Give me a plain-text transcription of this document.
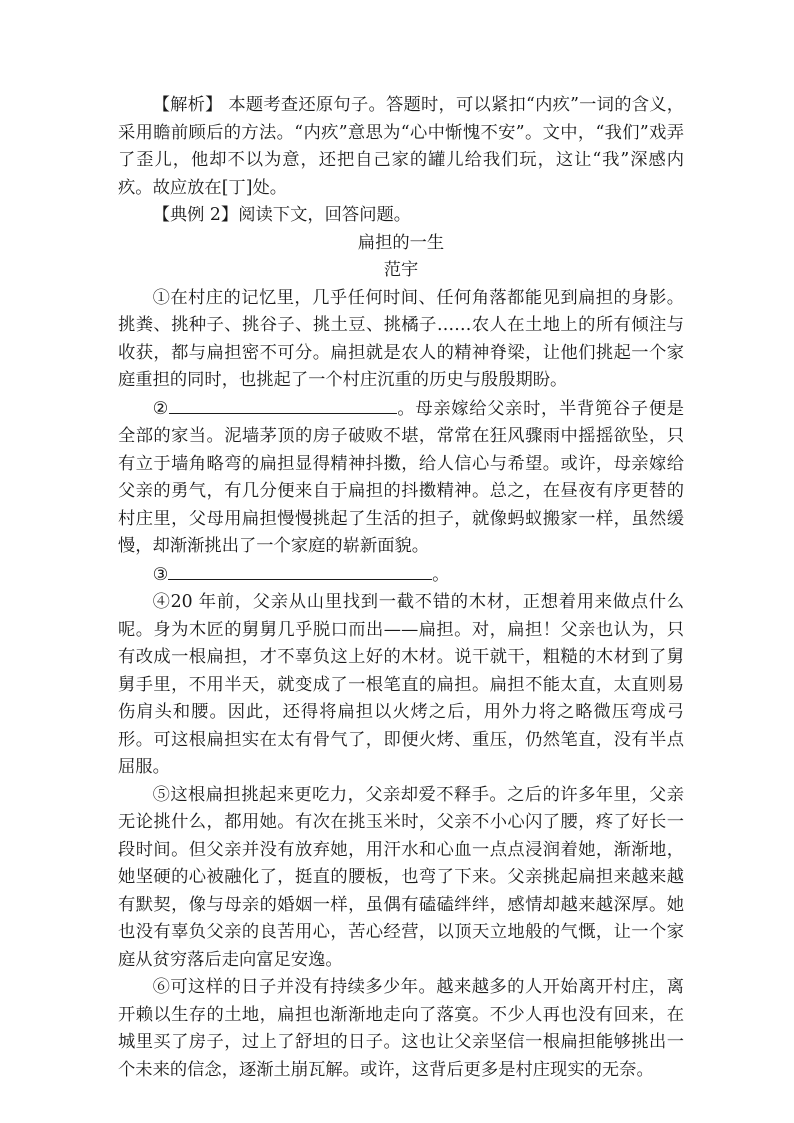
【解析】 本题考查还原句子。答题时，可以紧扣“内疚”一词的含义，采用瞻前顾后的方法。“内疚”意思为“心中惭愧不安”。文中，“我们”戏弄了歪儿，他却不以为意，还把自己家的罐儿给我们玩，这让“我”深感内疚。故应放在[丁]处。

【典例 2】阅读下文，回答问题。

扁担的一生

范宇

①在村庄的记忆里，几乎任何时间、任何角落都能见到扁担的身影。挑粪、挑种子、挑谷子、挑土豆、挑橘子……农人在土地上的所有倾注与收获，都与扁担密不可分。扁担就是农人的精神脊梁，让他们挑起一个家庭重担的同时，也挑起了一个村庄沉重的历史与殷殷期盼。

②	。母亲嫁给父亲时，半背篼谷子便是全部的家当。泥墙茅顶的房子破败不堪，常常在狂风骤雨中摇摇欲坠，只有立于墙角略弯的扁担显得精神抖擞，给人信心与希望。或许，母亲嫁给父亲的勇气，有几分便来自于扁担的抖擞精神。总之，在昼夜有序更替的村庄里，父母用扁担慢慢挑起了生活的担子，就像蚂蚁搬家一样，虽然缓慢，却渐渐挑出了一个家庭的崭新面貌。

③	。

④20 年前，父亲从山里找到一截不错的木材，正想着用来做点什么呢。身为木匠的舅舅几乎脱口而出——扁担。对，扁担！父亲也认为，只有改成一根扁担，才不辜负这上好的木材。说干就干，粗糙的木材到了舅舅手里，不用半天，就变成了一根笔直的扁担。扁担不能太直，太直则易伤肩头和腰。因此，还得将扁担以火烤之后，用外力将之略微压弯成弓形。可这根扁担实在太有骨气了，即便火烤、重压，仍然笔直，没有半点屈服。

⑤这根扁担挑起来更吃力，父亲却爱不释手。之后的许多年里，父亲无论挑什么，都用她。有次在挑玉米时，父亲不小心闪了腰，疼了好长一段时间。但父亲并没有放弃她，用汗水和心血一点点浸润着她，渐渐地，她坚硬的心被融化了，挺直的腰板，也弯了下来。父亲挑起扁担来越来越有默契，像与母亲的婚姻一样，虽偶有磕磕绊绊，感情却越来越深厚。她也没有辜负父亲的良苦用心，苦心经营，以顶天立地般的气慨，让一个家庭从贫穷落后走向富足安逸。

⑥可这样的日子并没有持续多少年。越来越多的人开始离开村庄，离开赖以生存的土地，扁担也渐渐地走向了落寞。不少人再也没有回来，在城里买了房子，过上了舒坦的日子。这也让父亲坚信一根扁担能够挑出一个未来的信念，逐渐土崩瓦解。或许，这背后更多是村庄现实的无奈。
